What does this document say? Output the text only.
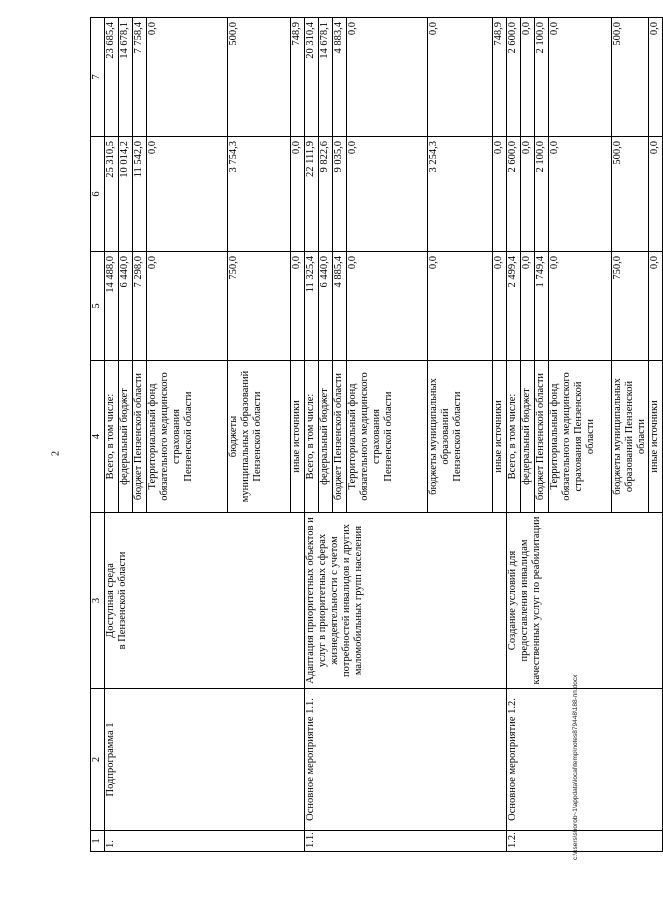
2
1	2	3	4	5	6	7
1.	Подпрограмма 1	Доступная среда
в Пензенской области	Всего, в том числе:	14 488,0	25 310,5	23 685,4
			федеральный бюджет	6 440,0	10 014,2	14 678,1
			бюджет Пензенской области	7 298,0	11 542,0	7 758,4
			Территориальный фонд обязательного медицинского страхования
Пензенской области	0,0	0,0	0,0
			бюджеты
муниципальных образований
Пензенской области	750,0	3 754,3	500,0
			иные источники	0,0	0,0	748,9
1.1.	Основное мероприятие 1.1.	Адаптация приоритетных объектов и услуг в приоритетных сферах жизнедеятельности с учетом потребностей инвалидов и других маломобильных групп населения	Всего, в том числе:	11 325,4	22 111,9	20 310,4
			федеральный бюджет	6 440,0	9 822,6	14 678,1
			бюджет Пензенской области	4 885,4	9 035,0	4 883,4
			Территориальный фонд обязательного медицинского страхования
Пензенской области	0,0	0,0	0,0
			бюджеты муниципальных образований
Пензенской области	0,0	3 254,3	0,0
			иные источники	0,0	0,0	748,9
1.2.	Основное мероприятие 1.2.	Создание условий для предоставления инвалидам качественных услуг по реабилитации	Всего, в том числе:	2 499,4	2 600,0	2 600,0
			федеральный бюджет	0,0	0,0	0,0
			бюджет Пензенской области	1 749,4	2 100,0	2 100,0
			Территориальный фонд обязательного медицинского страхования Пензенской области	0,0	0,0	0,0
			бюджеты муниципальных образований Пензенской области	750,0	500,0	500,0
			иные источники	0,0	0,0	0,0
c:\users\shorob~1\appdata\local\temp\notes879448\188-пп.docx
